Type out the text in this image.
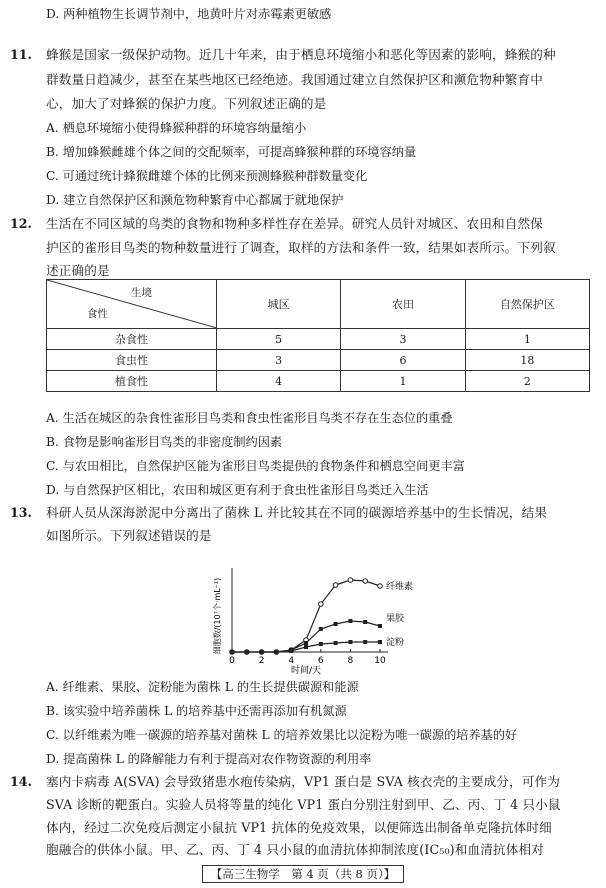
D. 两种植物生长调节剂中，地黄叶片对赤霉素更敏感
11. 蜂猴是国家一级保护动物。近几十年来，由于栖息环境缩小和恶化等因素的影响，蜂猴的种
群数量日趋减少，甚至在某些地区已经绝迹。我国通过建立自然保护区和濒危物种繁育中
心，加大了对蜂猴的保护力度。下列叙述正确的是
A. 栖息环境缩小使得蜂猴种群的环境容纳量缩小
B. 增加蜂猴雌雄个体之间的交配频率，可提高蜂猴种群的环境容纳量
C. 可通过统计蜂猴雌雄个体的比例来预测蜂猴种群数量变化
D. 建立自然保护区和濒危物种繁育中心都属于就地保护
12. 生活在不同区域的鸟类的食物和物种多样性存在差异。研究人员针对城区、农田和自然保
护区的雀形目鸟类的物种数量进行了调查，取样的方法和条件一致，结果如表所示。下列叙
述正确的是
生境
食性	城区	农田	自然保护区
杂食性	5	3	1
食虫性	3	6	18
植食性	4	1	2
A. 生活在城区的杂食性雀形目鸟类和食虫性雀形目鸟类不存在生态位的重叠
B. 食物是影响雀形目鸟类的非密度制约因素
C. 与农田相比，自然保护区能为雀形目鸟类提供的食物条件和栖息空间更丰富
D. 与自然保护区相比，农田和城区更有利于食虫性雀形目鸟类迁入生活
13. 科研人员从深海淤泥中分离出了菌株 L 并比较其在不同的碳源培养基中的生长情况，结果
如图所示。下列叙述错误的是
0	2	4	6	8 10
时间/天
细胞数/(10⁷个·mL⁻¹)	纤维素
果胶
淀粉
A. 纤维素、果胶、淀粉能为菌株 L 的生长提供碳源和能源
B. 该实验中培养菌株 L 的培养基中还需再添加有机氮源
C. 以纤维素为唯一碳源的培养基对菌株 L 的培养效果比以淀粉为唯一碳源的培养基的好
D. 提高菌株 L 的降解能力有利于提高对农作物资源的利用率
14. 塞内卡病毒 A(SVA) 会导致猪患水疱传染病，VP1 蛋白是 SVA 核衣壳的主要成分，可作为
SVA 诊断的靶蛋白。实验人员将等量的纯化 VP1 蛋白分别注射到甲、乙、丙、丁 4 只小鼠
体内，经过二次免疫后测定小鼠抗 VP1 抗体的免疫效果，以便筛选出制备单克隆抗体时细
胞融合的供体小鼠。甲、乙、丙、丁 4 只小鼠的血清抗体抑制浓度(IC₅₀)和血清抗体相对
【高三生物学　第 4 页（共 8 页）】
